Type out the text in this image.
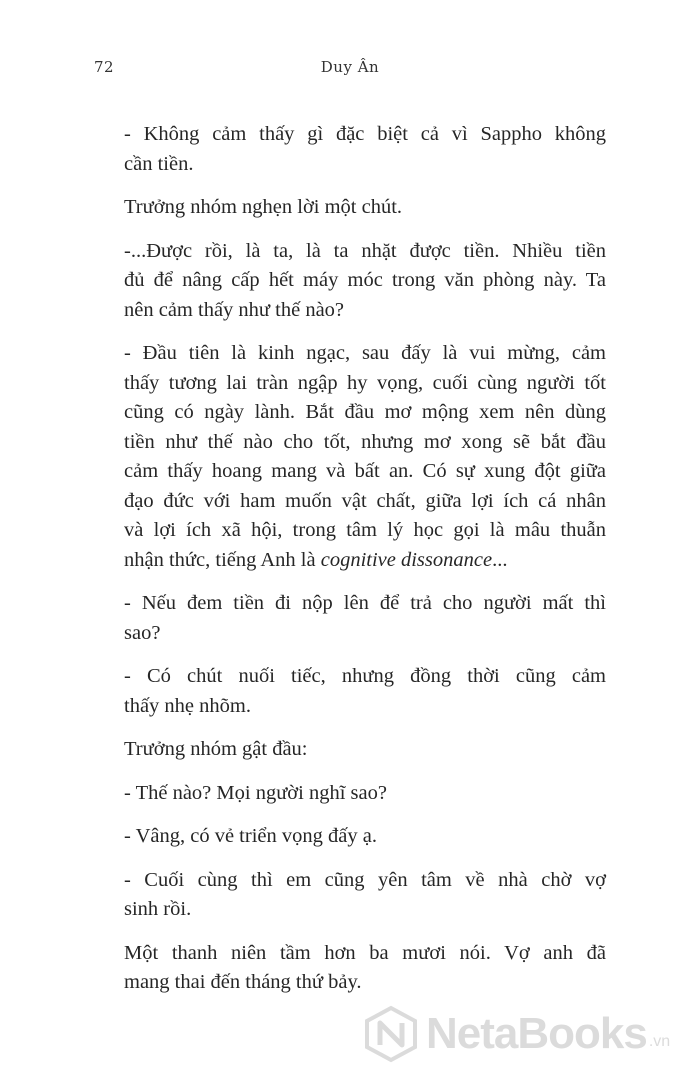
72	Duy Ân

- Không cảm thấy gì đặc biệt cả vì Sappho không
cần tiền.

Trưởng nhóm nghẹn lời một chút.

-...Được rồi, là ta, là ta nhặt được tiền. Nhiều tiền
đủ để nâng cấp hết máy móc trong văn phòng này. Ta
nên cảm thấy như thế nào?

- Đầu tiên là kinh ngạc, sau đấy là vui mừng, cảm
thấy tương lai tràn ngập hy vọng, cuối cùng người tốt
cũng có ngày lành. Bắt đầu mơ mộng xem nên dùng
tiền như thế nào cho tốt, nhưng mơ xong sẽ bắt đầu
cảm thấy hoang mang và bất an. Có sự xung đột giữa
đạo đức với ham muốn vật chất, giữa lợi ích cá nhân
và lợi ích xã hội, trong tâm lý học gọi là mâu thuẫn
nhận thức, tiếng Anh là cognitive dissonance...

- Nếu đem tiền đi nộp lên để trả cho người mất thì
sao?

- Có chút nuối tiếc, nhưng đồng thời cũng cảm
thấy nhẹ nhõm.

Trưởng nhóm gật đầu:

- Thế nào? Mọi người nghĩ sao?

- Vâng, có vẻ triển vọng đấy ạ.

- Cuối cùng thì em cũng yên tâm về nhà chờ vợ
sinh rồi.

Một thanh niên tầm hơn ba mươi nói. Vợ anh đã
mang thai đến tháng thứ bảy.

NetaBooks .vn
